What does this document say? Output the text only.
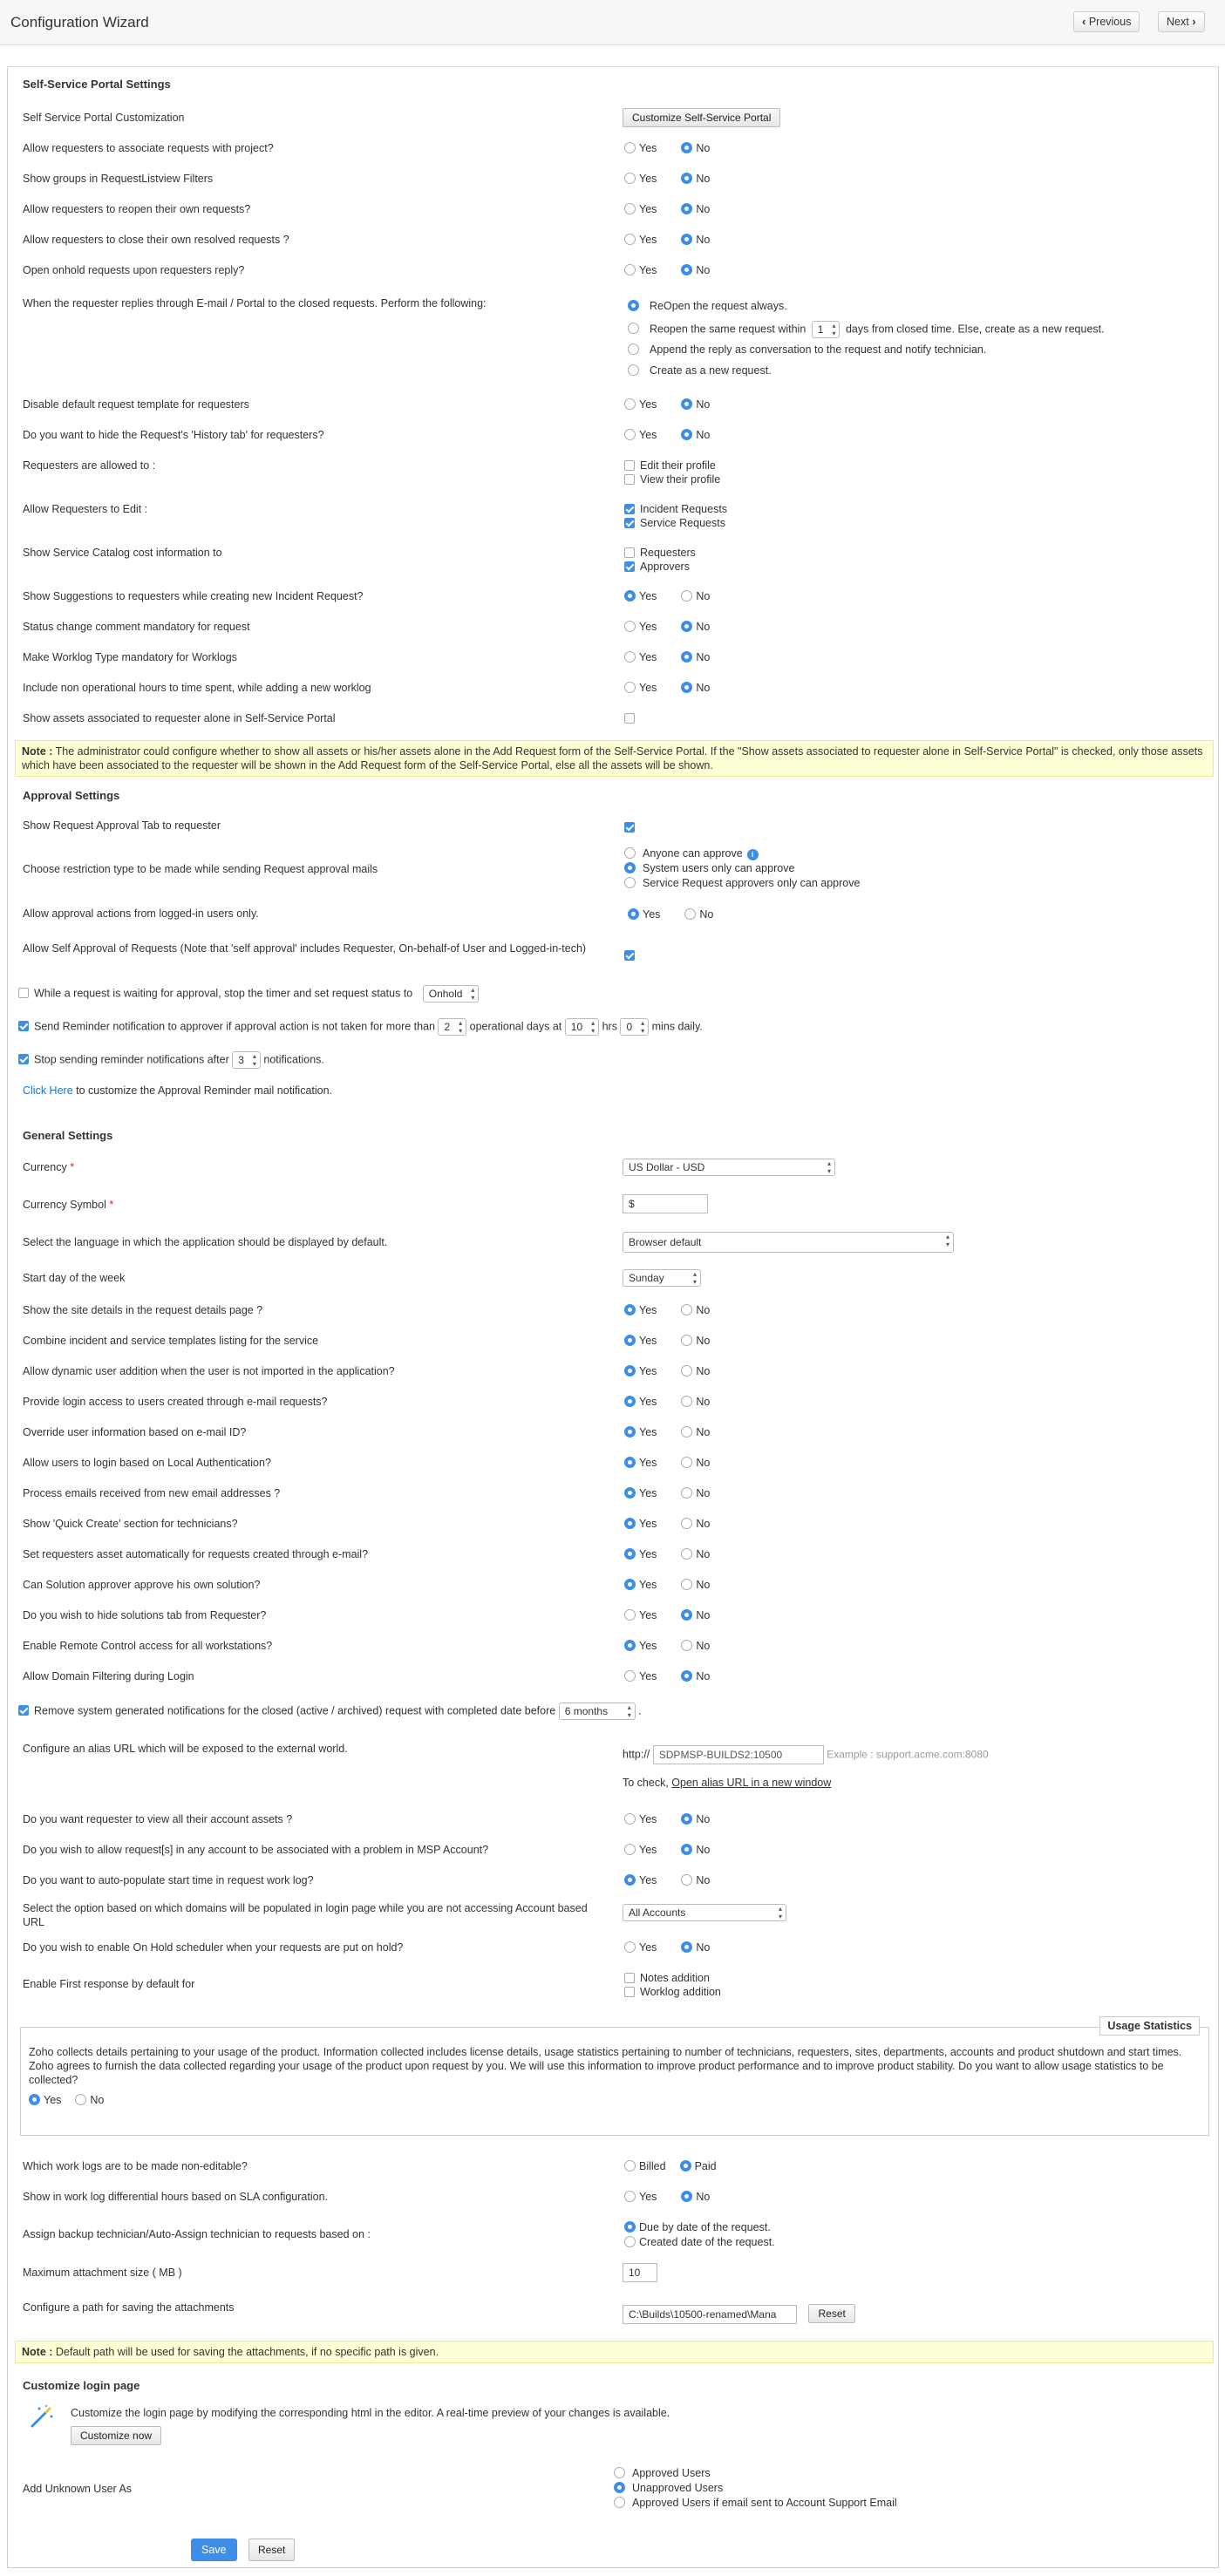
Configuration Wizard	‹ Previous	Next ›
Self-Service Portal Settings
Self Service Portal Customization	Customize Self-Service Portal
Allow requesters to associate requests with project?	Yes	No
Show groups in RequestListview Filters	Yes	No
Allow requesters to reopen their own requests?	Yes	No
Allow requesters to close their own resolved requests ?	Yes	No
Open onhold requests upon requesters reply?	Yes	No
When the requester replies through E-mail / Portal to the closed requests. Perform the following:	ReOpen the request always.
Reopen the same request within 1 ▴ ▾ days from closed time. Else, create as a new request.
Append the reply as conversation to the request and notify technician.
Create as a new request.
Disable default request template for requesters	Yes	No
Do you want to hide the Request's 'History tab' for requesters?	Yes	No
Requesters are allowed to :	Edit their profile
View their profile
Allow Requesters to Edit :	Incident Requests
Service Requests
Show Service Catalog cost information to	Requesters
Approvers
Show Suggestions to requesters while creating new Incident Request?	Yes	No
Status change comment mandatory for request	Yes	No
Make Worklog Type mandatory for Worklogs	Yes	No
Include non operational hours to time spent, while adding a new worklog	Yes	No
Show assets associated to requester alone in Self-Service Portal
Note : The administrator could configure whether to show all assets or his/her assets alone in the Add Request form of the Self-Service Portal. If the "Show assets associated to requester alone in Self-Service Portal" is checked, only those assets which have been associated to the requester will be shown in the Add Request form of the Self-Service Portal, else all the assets will be shown.
Approval Settings
Show Request Approval Tab to requester
Choose restriction type to be made while sending Request approval mails
Anyone can approve i
System users only can approve
Service Request approvers only can approve
Allow approval actions from logged-in users only.	Yes	No
Allow Self Approval of Requests (Note that 'self approval' includes Requester, On-behalf-of User and Logged-in-tech)
While a request is waiting for approval, stop the timer and set request status to Onhold ▴ ▾
Send Reminder notification to approver if approval action is not taken for more than 2 ▴ ▾ operational days at 10 ▴ ▾ hrs 0 ▴ ▾ mins daily.
Stop sending reminder notifications after 3 ▴ ▾ notifications.
Click Here to customize the Approval Reminder mail notification.
General Settings
Currency *	US Dollar - USD ▴ ▾
Currency Symbol *	$
Select the language in which the application should be displayed by default.	Browser default ▴ ▾
Start day of the week	Sunday ▴ ▾
Show the site details in the request details page ?	Yes	No
Combine incident and service templates listing for the service	Yes	No
Allow dynamic user addition when the user is not imported in the application?	Yes	No
Provide login access to users created through e-mail requests?	Yes	No
Override user information based on e-mail ID?	Yes	No
Allow users to login based on Local Authentication?	Yes	No
Process emails received from new email addresses ?	Yes	No
Show 'Quick Create' section for technicians?	Yes	No
Set requesters asset automatically for requests created through e-mail?	Yes	No
Can Solution approver approve his own solution?	Yes	No
Do you wish to hide solutions tab from Requester?	Yes	No
Enable Remote Control access for all workstations?	Yes	No
Allow Domain Filtering during Login	Yes	No
Remove system generated notifications for the closed (active / archived) request with completed date before 6 months ▴ ▾	.
Configure an alias URL which will be exposed to the external world.	http:// SDPMSP-BUILDS2:10500	Example : support.acme.com:8080
To check, Open alias URL in a new window
Do you want requester to view all their account assets ?	Yes	No
Do you wish to allow request[s] in any account to be associated with a problem in MSP Account?	Yes	No
Do you want to auto-populate start time in request work log?	Yes	No
Select the option based on which domains will be populated in login page while you are not accessing Account based URL
All Accounts ▴ ▾
Do you wish to enable On Hold scheduler when your requests are put on hold?	Yes	No
Enable First response by default for	Notes addition
Worklog addition
Usage Statistics
Zoho collects details pertaining to your usage of the product. Information collected includes license details, usage statistics pertaining to number of technicians, requesters, sites, departments, accounts and product shutdown and start times. Zoho agrees to furnish the data collected regarding your usage of the product upon request by you. We will use this information to improve product performance and to improve product stability. Do you want to allow usage statistics to be collected?
Yes	No
Which work logs are to be made non-editable?	Billed	Paid
Show in work log differential hours based on SLA configuration.	Yes	No
Assign backup technician/Auto-Assign technician to requests based on :
Due by date of the request.
Created date of the request.
Maximum attachment size ( MB )	10
Configure a path for saving the attachments
C:\Builds\10500-renamed\Mana	Reset
Note : Default path will be used for saving the attachments, if no specific path is given.
Customize login page
Customize the login page by modifying the corresponding html in the editor. A real-time preview of your changes is available.
Customize now
Add Unknown User As
Approved Users
Unapproved Users
Approved Users if email sent to Account Support Email
Save	Reset
